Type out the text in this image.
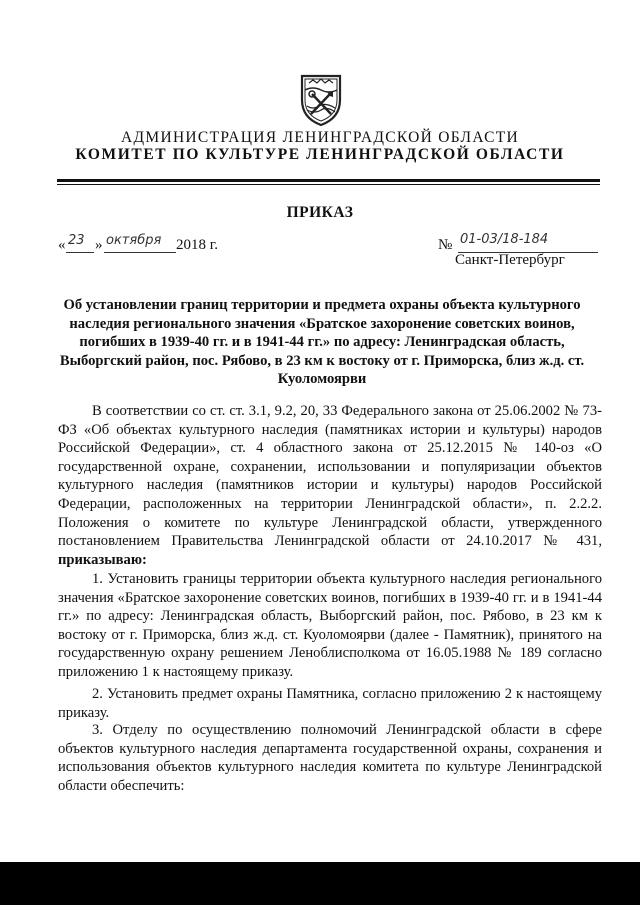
АДМИНИСТРАЦИЯ ЛЕНИНГРАДСКОЙ ОБЛАСТИ
КОМИТЕТ ПО КУЛЬТУРЕ ЛЕНИНГРАДСКОЙ ОБЛАСТИ
ПРИКАЗ
« 23 » октября 2018 г.	№ 01-03/18-184
Санкт-Петербург
Об установлении границ территории и предмета охраны объекта культурного наследия регионального значения «Братское захоронение советских воинов, погибших в 1939-40 гг. и в 1941-44 гг.» по адресу: Ленинградская область, Выборгский район, пос. Рябово, в 23 км к востоку от г. Приморска, близ ж.д. ст. Куоломоярви
В соответствии со ст. ст. 3.1, 9.2, 20, 33 Федерального закона от 25.06.2002 № 73-ФЗ «Об объектах культурного наследия (памятниках истории и культуры) народов Российской Федерации», ст. 4 областного закона от 25.12.2015 № 140-оз «О государственной охране, сохранении, использовании и популяризации объектов культурного наследия (памятников истории и культуры) народов Российской Федерации, расположенных на территории Ленинградской области», п. 2.2.2. Положения о комитете по культуре Ленинградской области, утвержденного постановлением Правительства Ленинградской области от 24.10.2017 № 431, приказываю:
1. Установить границы территории объекта культурного наследия регионального значения «Братское захоронение советских воинов, погибших в 1939-40 гг. и в 1941-44 гг.» по адресу: Ленинградская область, Выборгский район, пос. Рябово, в 23 км к востоку от г. Приморска, близ ж.д. ст. Куоломоярви (далее - Памятник), принятого на государственную охрану решением Леноблисполкома от 16.05.1988 № 189 согласно приложению 1 к настоящему приказу.
2. Установить предмет охраны Памятника, согласно приложению 2 к настоящему приказу.
3. Отделу по осуществлению полномочий Ленинградской области в сфере объектов культурного наследия департамента государственной охраны, сохранения и использования объектов культурного наследия комитета по культуре Ленинградской области обеспечить:
